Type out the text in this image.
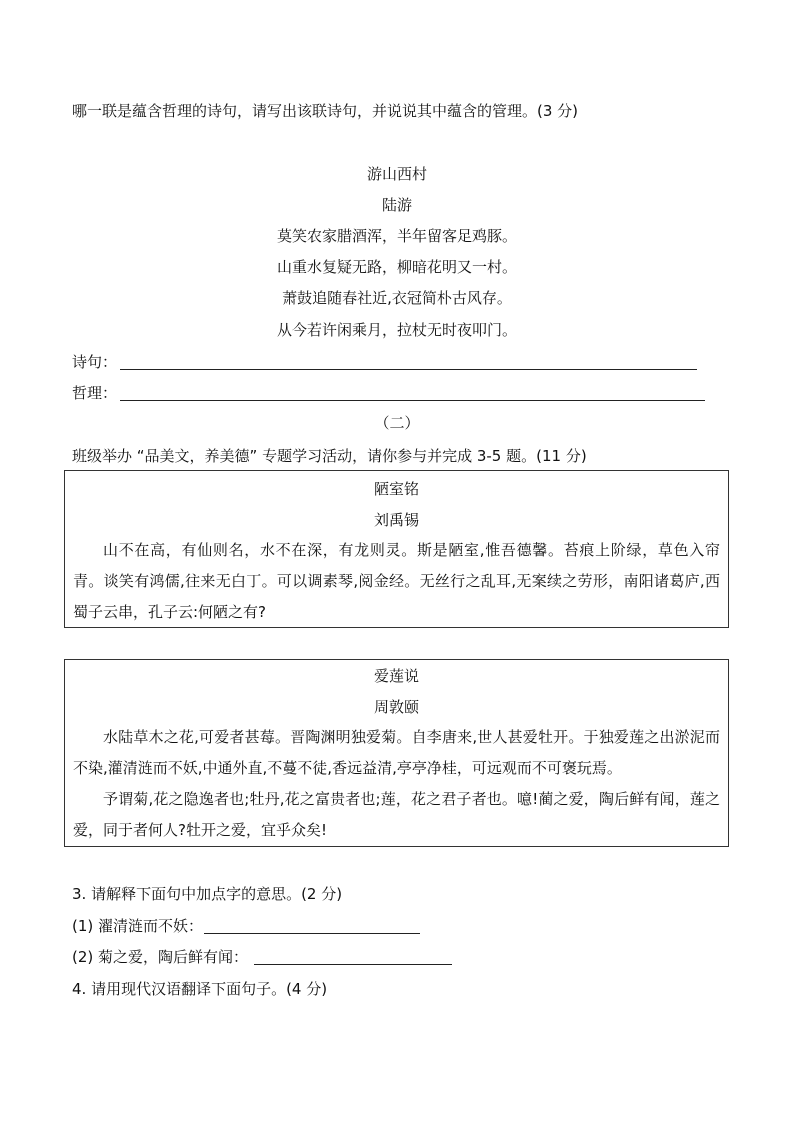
哪一联是蕴含哲理的诗句，请写出该联诗句，并说说其中蕴含的管理。(3 分)
游山西村
陆游
莫笑农家腊酒浑，半年留客足鸡豚。
山重水复疑无路，柳暗花明又一村。
萧鼓追随春社近,衣冠简朴古风存。
从今若许闲乘月，拉杖无时夜叩门。
诗句：
哲理：
（二）
班级举办 “品美文，养美德” 专题学习活动，请你参与并完成 3-5 题。(11 分)
陋室铭
刘禹锡
山不在高，有仙则名，水不在深，有龙则灵。斯是陋室,惟吾德馨。苔痕上阶绿，草色入帘青。谈笑有鸿儒,往来无白丁。可以调素琴,阅金经。无丝行之乱耳,无案续之劳形，南阳诸葛庐,西蜀子云串，孔子云:何陋之有?
爱莲说
周敦颐
水陆草木之花,可爱者甚莓。晋陶渊明独爱菊。自李唐来,世人甚爱牡开。于独爱莲之出淤泥而不染,灌清涟而不妖,中通外直,不蔓不徒,香远益清,亭亭净桂，可远观而不可褒玩焉。
予谓菊,花之隐逸者也;牡丹,花之富贵者也;莲，花之君子者也。噫!蔺之爱，陶后鲜有闻，莲之爱，同于者何人?牡开之爱，宜乎众矣!
3. 请解释下面句中加点字的意思。(2 分)
(1) 濯清涟而不妖：
(2) 菊之爱，陶后鲜有闻：
4. 请用现代汉语翻译下面句子。(4 分)
